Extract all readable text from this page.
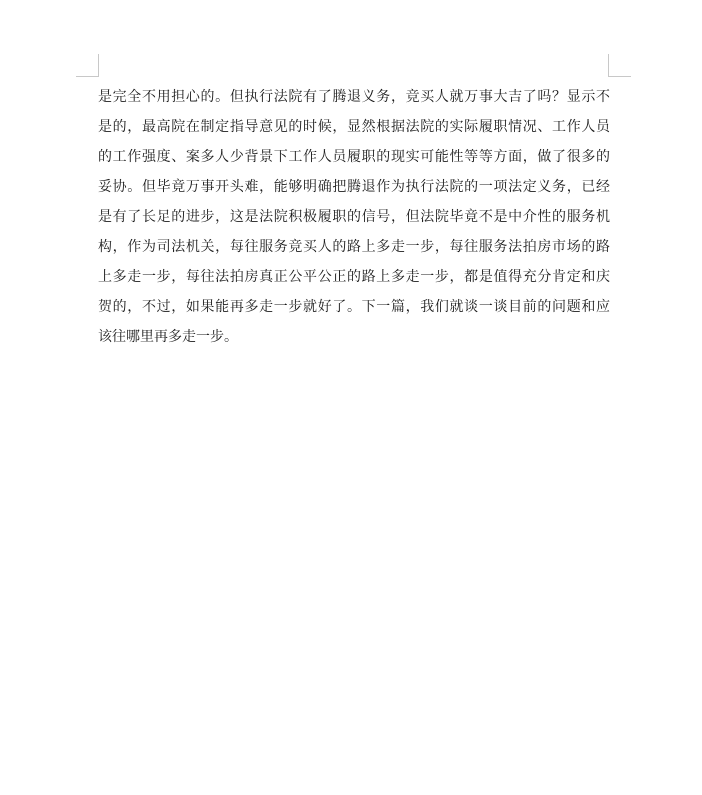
是完全不用担心的。但执行法院有了腾退义务，竞买人就万事大吉了吗？显示不
是的，最高院在制定指导意见的时候，显然根据法院的实际履职情况、工作人员
的工作强度、案多人少背景下工作人员履职的现实可能性等等方面，做了很多的
妥协。但毕竟万事开头难，能够明确把腾退作为执行法院的一项法定义务，已经
是有了长足的进步，这是法院积极履职的信号，但法院毕竟不是中介性的服务机
构，作为司法机关，每往服务竞买人的路上多走一步，每往服务法拍房市场的路
上多走一步，每往法拍房真正公平公正的路上多走一步，都是值得充分肯定和庆
贺的，不过，如果能再多走一步就好了。下一篇，我们就谈一谈目前的问题和应
该往哪里再多走一步。
